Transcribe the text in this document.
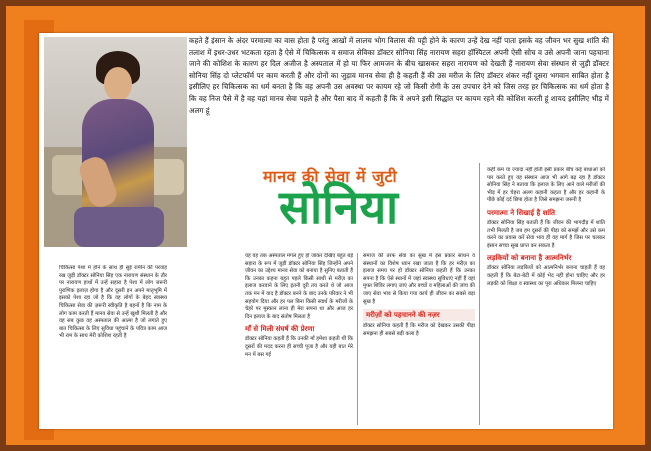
कहते हैं इंसान के अंदर परमात्मा का वास होता है परंतु आखों में लालच भोग विलास की पट्टी होने के कारण उन्हें देख नहीं पाता इसके वह जीवन भर सुख शांति की तलाश में इधर-उधर भटकता रहता है ऐसे में चिकित्सक व समाज सेविका डॉक्टर सोनिया सिंह नारायण सहरा हॉस्पिटल अपनी ऐसी सोच व उसे अपनी जाना पहचाना जाने की कोशिश के कारण हर दिल अजीज है अस्पताल में हो या फिर आमजन के बीच खासकर सहरा नारायण को देखती हैं नारायण सेवा संस्थान से जुड़ी डॉक्टर सोनिया सिंह दो प्लेटफॉर्म पर काम करती हैं और दोनों का जुड़ाव मानव सेवा ही है कहती हैं की उस मरीज के लिए डॉक्टर शंकर नहीं दूसरा भगवान साबित होता है इसीलिए हर चिकित्सक का धर्म बनता है कि वह अपनी उस अवस्था पर कायम रहे जो किसी रोगी के उस उपचार देने को जिस तरह हर चिकित्सक का धर्म होता है कि वह निज पैसे में है वह यहां मानव सेवा पहले है और पैसा बाद में कहती हैं कि वे अपने इसी सिद्धांत पर कायम रहने की कोशिश करती हूं शायद इसीलिए भीड़ में अलग हूं
मानव की सेवा में जुटी
सोनिया

चिकित्सा पेशा में होने के साथ ही सुई रामीन की परवाह रख जुड़ी डॉक्टर सोनिया सिंह एक नारायण संस्थान के तौर पर नारायण हाथों में उन्हें सहारा है पेशा में लोग जरूरी पुराणिक इलाज़ होगा है और दूसरी इन अपने मातृभूमि में इसको पेशा रहा जो है कि वह लोगों के बेहद स्वास्थ्य चिकित्सा सेवा की ज़रूरी स्वीकृति है बहनों है कि नाम के लोग काम करती हैं मानव सेवा से उन्हें खुशी मिलती है और वह सब कुछ वह अस्पताल की आत्मा है जो लगाते हुए बात चिकित्सा के लिए सुविधा पहुंचाने के पवित्र काम आज भी राम के साथ मेरी कोशिश रहती है

यह यह तक अस्पताल मंगल हुए हो जाकर देखिए बहुत बड़े सहारा के रूप में जुड़ी डॉक्टर सोनिया सिंह जिन्होंने अपने जीवन का उद्देश्य मानव सेवा को बनाया है सुनिए बताती हैं कि उनका कहना बहुत पहले किसी साथी से मरीज़ का इलाज करवाने के लिए इतनी दूरी तय करते थे जो आज तक मन में याद है डॉक्टर बनने के बाद उनके परिवार ने भी सहयोग दिया और हर पल बिना किसी स्वार्थ के मरीजों के चेहरे पर मुस्कान लाना ही मेरा सपना था और आज हर दिन इलाज के बाद संतोष मिलता है

माँ से मिली संघर्ष की प्रेरणा

डॉक्टर सोनिया कहती हैं कि उनकी माँ हमेशा कहती थीं कि दूसरों की मदद करना ही सच्ची पूजा है और यही बात मेरे मन में बस गई

समाज की तरफ सेवा का सुख में इस प्रकार साधन व संस्थानों का विशेष ध्यान रखा जाता है कि हर मरीज़ का इलाज समय पर हो डॉक्टर सोनिया कहती हैं कि उनका सपना है कि ऐसे स्थानों में जहां स्वास्थ्य सुविधाएं नहीं हैं वहां मुफ्त शिविर लगाए जाएं और बच्चों व महिलाओं की जांच की जाए सेवा भाव से किया गया कार्य ही जीवन का सबसे बड़ा सुख है

मरीज़ों को पहचानने की नज़र

डॉक्टर सोनिया कहती हैं कि मरीज को देखकर उसकी पीड़ा समझना ही सबसे बड़ी कला है

कहीं कम या ज्यादा नहीं होती इसी प्रकार बीच कई बाधाओं को पार करते हुए यह संस्थान आज भी आगे बढ़ रहा है डॉक्टर सोनिया सिंह ने बताया कि इलाज के लिए आने वाले मरीजों की भीड़ में हर चेहरा अलग कहानी कहता है और हर कहानी के पीछे कोई दर्द छिपा होता है जिसे समझना जरूरी है

परमात्मा ने सिखाई है शांति

डॉक्टर सोनिया सिंह बताती हैं कि जीवन की भागदौड़ में शांति तभी मिलती है जब हम दूसरों की पीड़ा को समझें और उसे कम करने का प्रयास करें सेवा भाव ही वह मार्ग है जिस पर चलकर इंसान सच्चा सुख प्राप्त कर सकता है

लड़कियों को बनाना है आत्मनिर्भर

डॉक्टर सोनिया लड़कियों को आत्मनिर्भर बनाना चाहती हैं वह कहती हैं कि बेटा-बेटी में कोई भेद नहीं होना चाहिए और हर लड़की को शिक्षा व स्वास्थ्य का पूरा अधिकार मिलना चाहिए
